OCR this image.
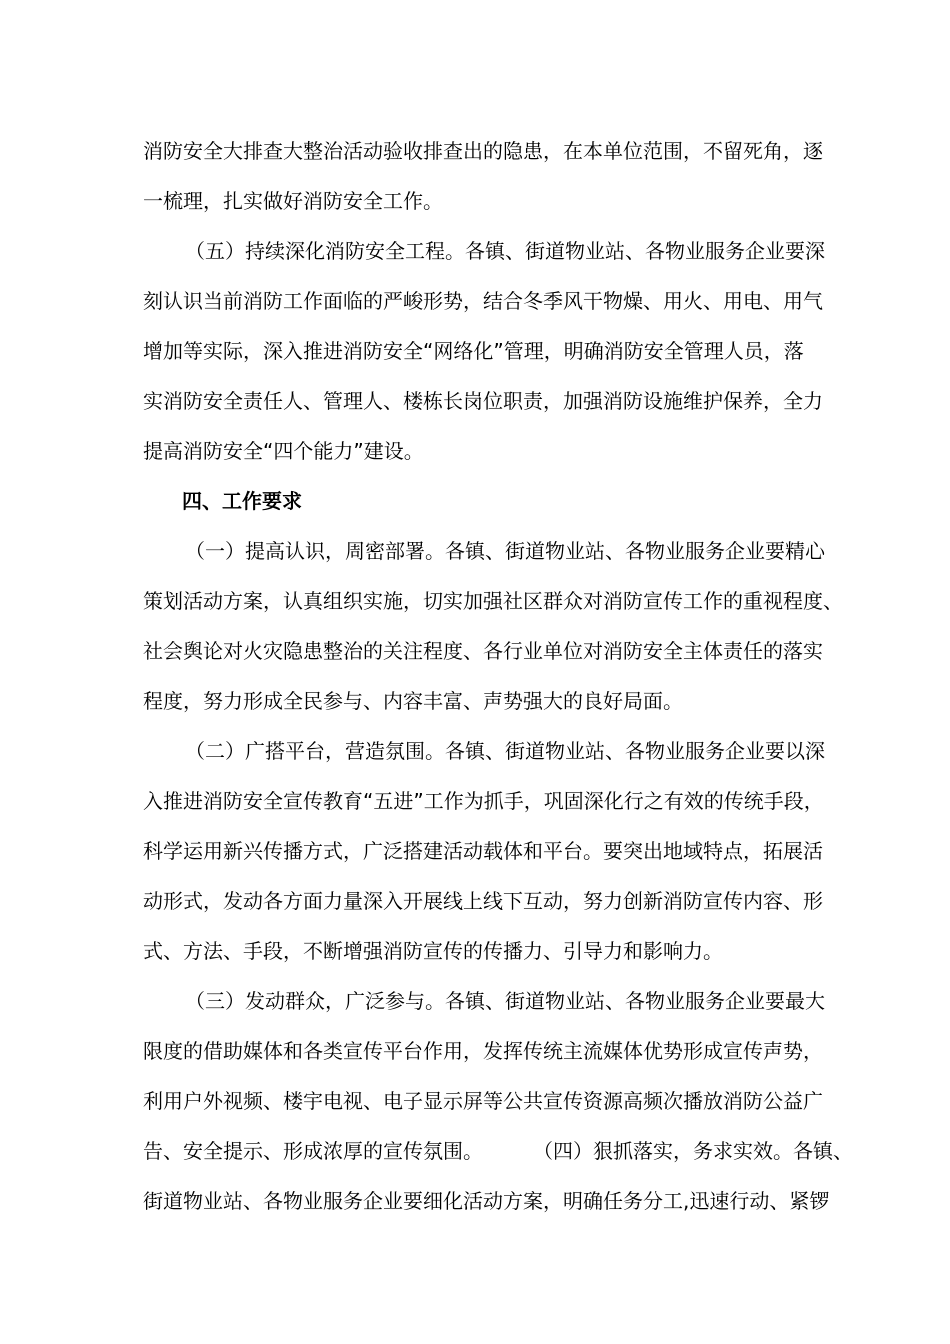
消防安全大排查大整治活动验收排查出的隐患，在本单位范围，不留死角，逐
一梳理，扎实做好消防安全工作。
（五）持续深化消防安全工程。各镇、街道物业站、各物业服务企业要深
刻认识当前消防工作面临的严峻形势，结合冬季风干物燥、用火、用电、用气
增加等实际，深入推进消防安全“网络化”管理，明确消防安全管理人员，落
实消防安全责任人、管理人、楼栋长岗位职责，加强消防设施维护保养，全力
提高消防安全“四个能力”建设。
四、工作要求
（一）提高认识，周密部署。各镇、街道物业站、各物业服务企业要精心
策划活动方案，认真组织实施，切实加强社区群众对消防宣传工作的重视程度、
社会舆论对火灾隐患整治的关注程度、各行业单位对消防安全主体责任的落实
程度，努力形成全民参与、内容丰富、声势强大的良好局面。
（二）广搭平台，营造氛围。各镇、街道物业站、各物业服务企业要以深
入推进消防安全宣传教育“五进”工作为抓手，巩固深化行之有效的传统手段，
科学运用新兴传播方式，广泛搭建活动载体和平台。要突出地域特点，拓展活
动形式，发动各方面力量深入开展线上线下互动，努力创新消防宣传内容、形
式、方法、手段，不断增强消防宣传的传播力、引导力和影响力。
（三）发动群众，广泛参与。各镇、街道物业站、各物业服务企业要最大
限度的借助媒体和各类宣传平台作用，发挥传统主流媒体优势形成宣传声势，
利用户外视频、楼宇电视、电子显示屏等公共宣传资源高频次播放消防公益广
告、安全提示、形成浓厚的宣传氛围。	（四）狠抓落实，务求实效。各镇、
街道物业站、各物业服务企业要细化活动方案，明确任务分工,迅速行动、紧锣
